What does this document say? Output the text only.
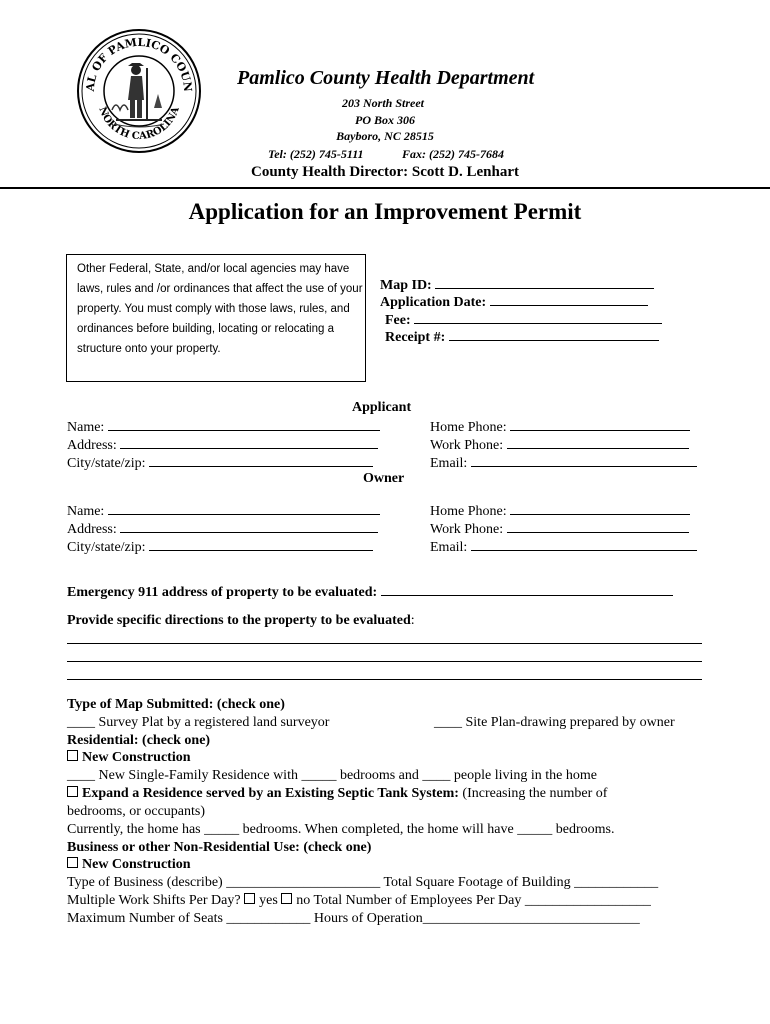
AL OF PAMLICO COUN
NORTH CAROLINA
Pamlico County Health Department
203 North Street
PO Box 306
Bayboro, NC 28515
Tel: (252) 745-5111	Fax: (252) 745-7684
County Health Director: Scott D. Lenhart
Application for an Improvement Permit
Other Federal, State, and/or local agencies may have laws, rules and /or ordinances that affect the use of your property. You must comply with those laws, rules, and ordinances before building, locating or relocating a structure onto your property.
Map ID:
Application Date:
Fee:
Receipt #:
Applicant
Name:
Address:
City/state/zip:
Home Phone:
Work Phone:
Email:
Owner
Name:
Address:
City/state/zip:
Home Phone:
Work Phone:
Email:
Emergency 911 address of property to be evaluated:
Provide specific directions to the property to be evaluated:
Type of Map Submitted: (check one)
____ Survey Plat by a registered land surveyor	____ Site Plan-drawing prepared by owner
Residential: (check one)
New Construction
____ New Single-Family Residence with _____ bedrooms and ____ people living in the home
Expand a Residence served by an Existing Septic Tank System: (Increasing the number of
bedrooms, or occupants)
Currently, the home has _____ bedrooms. When completed, the home will have _____ bedrooms.
Business or other Non-Residential Use: (check one)
New Construction
Type of Business (describe) ______________________ Total Square Footage of Building ____________
Multiple Work Shifts Per Day? yes no Total Number of Employees Per Day __________________
Maximum Number of Seats ____________ Hours of Operation_______________________________
